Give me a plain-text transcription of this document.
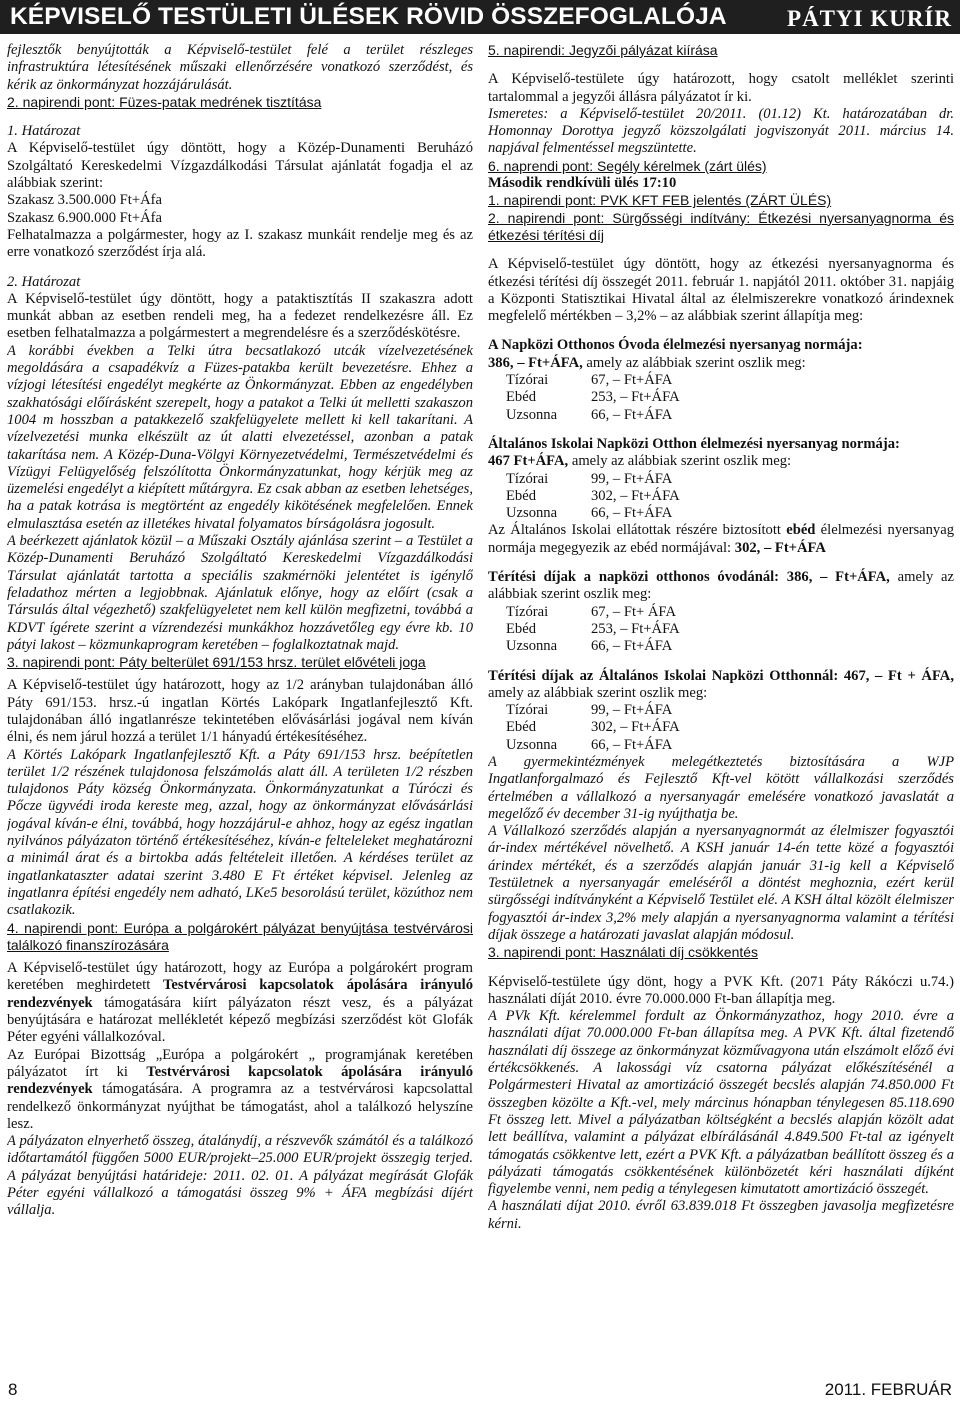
KÉPVISELŐ TESTÜLETI ÜLÉSEK RÖVID ÖSSZEFOGLALÓJA	PÁTYI KURÍR

fejlesztők benyújtották a Képviselő-testület felé a terület részleges infrastruktúra létesítésének műszaki ellenőrzésére vonatkozó szerződést, és kérik az önkormányzat hozzájárulását.

2. napirendi pont: Füzes-patak medrének tisztítása

1. Határozat

A Képviselő-testület úgy döntött, hogy a Közép-Dunamenti Beruházó Szolgáltató Kereskedelmi Vízgazdálkodási Társulat ajánlatát fogadja el az alábbiak szerint:

Szakasz 3.500.000 Ft+Áfa

Szakasz 6.900.000 Ft+Áfa

Felhatalmazza a polgármester, hogy az I. szakasz munkáit rendelje meg és az erre vonatkozó szerződést írja alá.

2. Határozat

A Képviselő-testület úgy döntött, hogy a pataktisztítás II szakaszra adott munkát abban az esetben rendeli meg, ha a fedezet rendelkezésre áll. Ez esetben felhatalmazza a polgármestert a megrendelésre és a szerződéskötésre.

A korábbi években a Telki útra becsatlakozó utcák vízelvezetésének megoldására a csapadékvíz a Füzes-patakba került bevezetésre. Ehhez a vízjogi létesítési engedélyt megkérte az Önkormányzat. Ebben az engedélyben szakhatósági előírásként szerepelt, hogy a patakot a Telki út melletti szakaszon 1004 m hosszban a patakkezelő szakfelügyelete mellett ki kell takarítani. A vízelvezetési munka elkészült az út alatti elvezetéssel, azonban a patak takarítása nem. A Közép-Duna-Völgyi Környezetvédelmi, Természetvédelmi és Vízügyi Felügyelőség felszólította Önkormányzatunkat, hogy kérjük meg az üzemelési engedélyt a kiépített műtárgyra. Ez csak abban az esetben lehetséges, ha a patak kotrása is megtörtént az engedély kikötésének megfelelően. Ennek elmulasztása esetén az illetékes hivatal folyamatos bírságolásra jogosult.

A beérkezett ajánlatok közül – a Műszaki Osztály ajánlása szerint – a Testület a Közép-Dunamenti Beruházó Szolgáltató Kereskedelmi Vízgazdálkodási Társulat ajánlatát tartotta a speciális szakmérnöki jelentétet is igénylő feladathoz mérten a legjobbnak. Ajánlatuk előnye, hogy az előírt (csak a Társulás által végezhető) szakfelügyeletet nem kell külön megfizetni, továbbá a KDVT ígérete szerint a vízrendezési munkákhoz hozzávetőleg egy évre kb. 10 pátyi lakost – közmunkaprogram keretében – foglalkoztatnak majd.

3. napirendi pont: Páty belterület 691/153 hrsz. terület elővételi joga

A Képviselő-testület úgy határozott, hogy az 1/2 arányban tulajdonában álló Páty 691/153. hrsz.-ú ingatlan Körtés Lakópark Ingatlanfejlesztő Kft. tulajdonában álló ingatlanrésze tekintetében elővásárlási jogával nem kíván élni, és nem járul hozzá a terület 1/1 hányadú értékesítéséhez.

A Körtés Lakópark Ingatlanfejlesztő Kft. a Páty 691/153 hrsz. beépítetlen terület 1/2 részének tulajdonosa felszámolás alatt áll. A területen 1/2 részben tulajdonos Páty község Önkormányzata. Önkormányzatunkat a Túróczi és Pőcze ügyvédi iroda kereste meg, azzal, hogy az önkormányzat elővásárlási jogával kíván-e élni, továbbá, hogy hozzájárul-e ahhoz, hogy az egész ingatlan nyilvános pályázaton történő értékesítéséhez, kíván-e felteleleket meghatározni a minimál árat és a birtokba adás feltételeit illetően. A kérdéses terület az ingatlankataszter adatai szerint 3.480 E Ft értéket képvisel. Jelenleg az ingatlanra építési engedély nem adható, LKe5 besorolású terület, közúthoz nem csatlakozik.

4. napirendi pont: Európa a polgárokért pályázat benyújtása testvérvárosi találkozó finanszírozására

A Képviselő-testület úgy határozott, hogy az Európa a polgárokért program keretében meghirdetett Testvérvárosi kapcsolatok ápolására irányuló rendezvények támogatására kiírt pályázaton részt vesz, és a pályázat benyújtására e határozat mellékletét képező megbízási szerződést köt Glofák Péter egyéni vállalkozóval.

Az Európai Bizottság „Európa a polgárokért „ programjának keretében pályázatot írt ki Testvérvárosi kapcsolatok ápolására irányuló rendezvények támogatására. A programra az a testvérvárosi kapcsolattal rendelkező önkormányzat nyújthat be támogatást, ahol a találkozó helyszíne lesz.

A pályázaton elnyerhető összeg, átalánydíj, a részvevők számától és a találkozó időtartamától függően 5000 EUR/projekt–25.000 EUR/projekt összegig terjed. A pályázat benyújtási határideje: 2011. 02. 01. A pályázat megírását Glofák Péter egyéni vállalkozó a támogatási összeg 9% + ÁFA megbízási díjért vállalja.

5. napirendi: Jegyzői pályázat kiírása

A Képviselő-testülete úgy határozott, hogy csatolt melléklet szerinti tartalommal a jegyzői állásra pályázatot ír ki.

Ismeretes: a Képviselő-testület 20/2011. (01.12) Kt. határozatában dr. Homonnay Dorottya jegyző közszolgálati jogviszonyát 2011. március 14. napjával felmentéssel megszüntette.

6. naprendi pont: Segély kérelmek (zárt ülés)

Második rendkívüli ülés 17:10

1. napirendi pont: PVK KFT FEB jelentés (ZÁRT ÜLÉS)

2. napirendi pont: Sürgősségi indítvány: Étkezési nyersanyagnorma és étkezési térítési díj

A Képviselő-testület úgy döntött, hogy az étkezési nyersanyagnorma és étkezési térítési díj összegét 2011. február 1. napjától 2011. október 31. napjáig a Központi Statisztikai Hivatal által az élelmiszerekre vonatkozó árindexnek megfelelő mértékben – 3,2% – az alábbiak szerint állapítja meg:

A Napközi Otthonos Óvoda élelmezési nyersanyag normája:

386, – Ft+ÁFA, amely az alábbiak szerint oszlik meg:

Tízórai	67, – Ft+ÁFA
Ebéd	253, – Ft+ÁFA
Uzsonna	66, – Ft+ÁFA

Általános Iskolai Napközi Otthon élelmezési nyersanyag normája:

467 Ft+ÁFA, amely az alábbiak szerint oszlik meg:

Tízórai	99, – Ft+ÁFA
Ebéd	302, – Ft+ÁFA
Uzsonna	66, – Ft+ÁFA

Az Általános Iskolai ellátottak részére biztosított ebéd élelmezési nyersanyag normája megegyezik az ebéd normájával: 302, – Ft+ÁFA

Térítési díjak a napközi otthonos óvodánál: 386, – Ft+ÁFA, amely az alábbiak szerint oszlik meg:

Tízórai	67, – Ft+ ÁFA
Ebéd	253, – Ft+ÁFA
Uzsonna	66, – Ft+ÁFA

Térítési díjak az Általános Iskolai Napközi Otthonnál: 467, – Ft + ÁFA, amely az alábbiak szerint oszlik meg:

Tízórai	99, – Ft+ÁFA
Ebéd	302, – Ft+ÁFA
Uzsonna	66, – Ft+ÁFA

A gyermekintézmények melegétkeztetés biztosítására a WJP Ingatlanforgalmazó és Fejlesztő Kft-vel kötött vállalkozási szerződés értelmében a vállalkozó a nyersanyagár emelésére vonatkozó javaslatát a megelőző év december 31-ig nyújthatja be.

A Vállalkozó szerződés alapján a nyersanyagnormát az élelmiszer fogyasztói ár-index mértékével növelhető. A KSH január 14-én tette közé a fogyasztói árindex mértékét, és a szerződés alapján január 31-ig kell a Képviselő Testületnek a nyersanyagár emeléséről a döntést meghoznia, ezért kerül sürgősségi indítványként a Képviselő Testület elé. A KSH által közölt élelmiszer fogyasztói ár-index 3,2% mely alapján a nyersanyagnorma valamint a térítési díjak összege a határozati javaslat alapján módosul.

3. napirendi pont: Használati díj csökkentés

Képviselő-testülete úgy dönt, hogy a PVK Kft. (2071 Páty Rákóczi u.74.) használati díját 2010. évre 70.000.000 Ft-ban állapítja meg.

A PVk Kft. kérelemmel fordult az Önkormányzathoz, hogy 2010. évre a használati díjat 70.000.000 Ft-ban állapítsa meg. A PVK Kft. által fizetendő használati díj összege az önkormányzat közművagyona után elszámolt előző évi értékcsökkenés. A lakossági víz csatorna pályázat előkészítésénél a Polgármesteri Hivatal az amortizáció összegét becslés alapján 74.850.000 Ft összegben közölte a Kft.-vel, mely márcinus hónapban ténylegesen 85.118.690 Ft összeg lett. Mivel a pályázatban költségként a becslés alapján közölt adat lett beállítva, valamint a pályázat elbírálásánál 4.849.500 Ft-tal az igényelt támogatás csökkentve lett, ezért a PVK Kft. a pályázatban beállított összeg és a pályázati támogatás csökkentésének különbözetét kéri használati díjként figyelembe venni, nem pedig a ténylegesen kimutatott amortizáció összegét.

A használati díjat 2010. évről 63.839.018 Ft összegben javasolja megfizetésre kérni.

8	2011. FEBRUÁR
